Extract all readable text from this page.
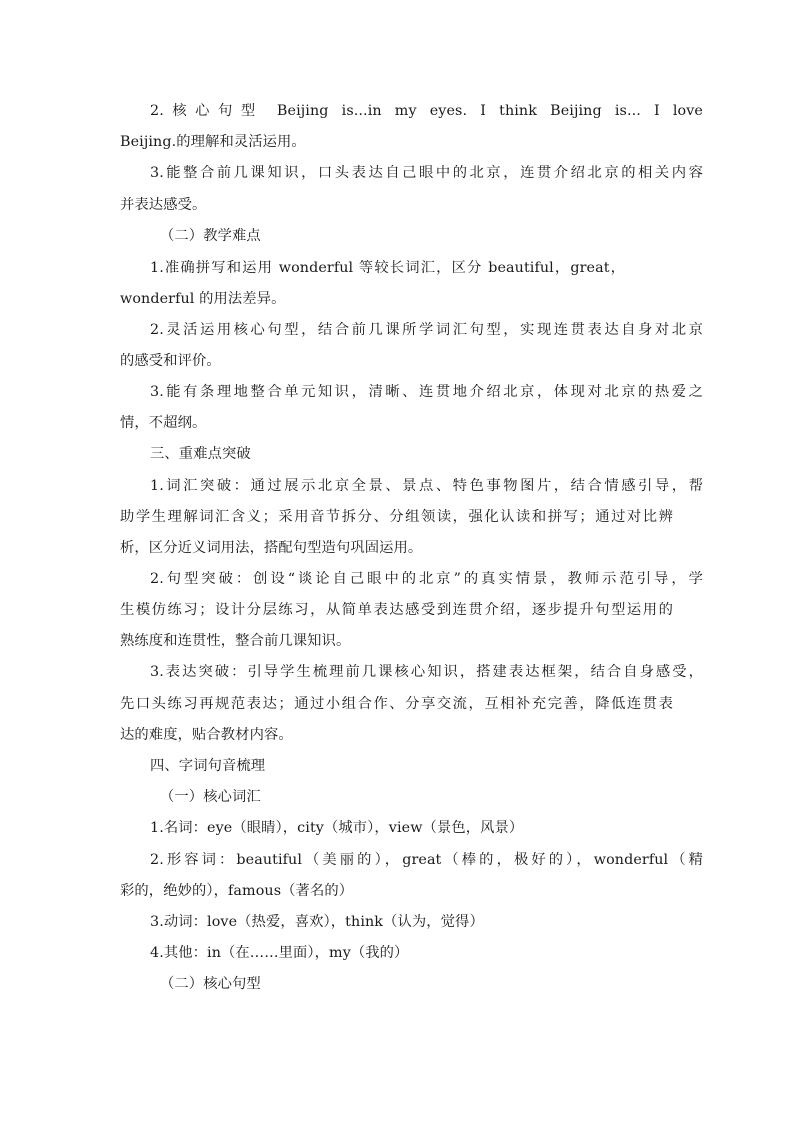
2.核心句型 Beijing is...in my eyes. I think Beijing is... I love
Beijing.的理解和灵活运用。
3.能整合前几课知识，口头表达自己眼中的北京，连贯介绍北京的相关内容
并表达感受。
（二）教学难点
1.准确拼写和运用 wonderful 等较长词汇，区分 beautiful，great，
wonderful 的用法差异。
2.灵活运用核心句型，结合前几课所学词汇句型，实现连贯表达自身对北京
的感受和评价。
3.能有条理地整合单元知识，清晰、连贯地介绍北京，体现对北京的热爱之
情，不超纲。
三、重难点突破
1.词汇突破：通过展示北京全景、景点、特色事物图片，结合情感引导，帮
助学生理解词汇含义；采用音节拆分、分组领读，强化认读和拼写；通过对比辨
析，区分近义词用法，搭配句型造句巩固运用。
2.句型突破：创设“谈论自己眼中的北京”的真实情景，教师示范引导，学
生模仿练习；设计分层练习，从简单表达感受到连贯介绍，逐步提升句型运用的
熟练度和连贯性，整合前几课知识。
3.表达突破：引导学生梳理前几课核心知识，搭建表达框架，结合自身感受，
先口头练习再规范表达；通过小组合作、分享交流，互相补充完善，降低连贯表
达的难度，贴合教材内容。
四、字词句音梳理
（一）核心词汇
1.名词：eye（眼睛），city（城市），view（景色，风景）
2.形容词：beautiful（美丽的），great（棒的，极好的），wonderful（精
彩的，绝妙的），famous（著名的）
3.动词：love（热爱，喜欢），think（认为，觉得）
4.其他：in（在……里面），my（我的）
（二）核心句型
